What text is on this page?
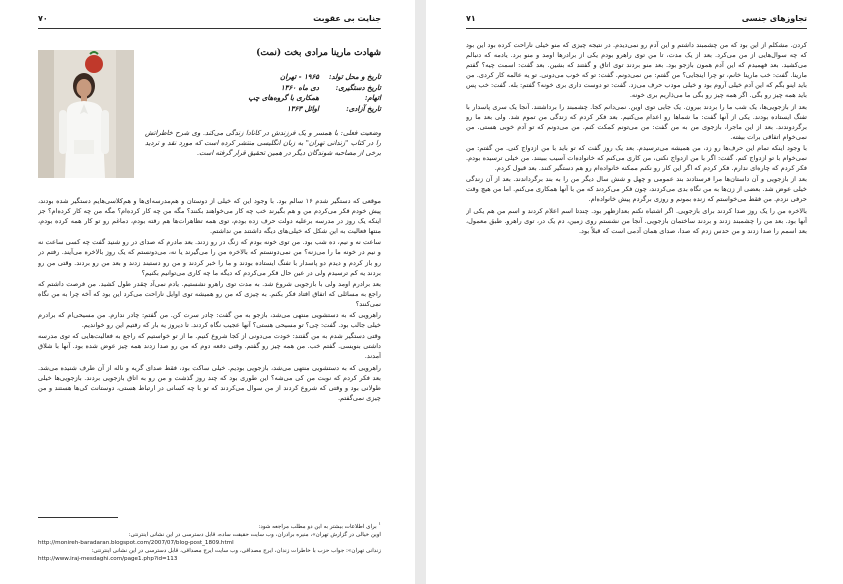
۷۰	جنایت بی عقوبت
شهادت مارینا مرادی بخت (نمت)
تاریخ و محل تولد:
۱۹۶۵ - تهران
تاریخ دستگیری:
دی ماه ۱۳۶۰
اتهام:
همکاری با گروه‌های چپ
تاریخ آزادی:
اوائل ۱۳۶۳
وضعیت فعلی: با همسر و یک فرزندش در کانادا زندگی می‌کند. وی شرح خاطراتش را در کتاب "زندانی تهران" به زبان انگلیسی منتشر کرده است که مورد نقد و تردید برخی از مصاحبه شوندگان دیگر در همین تحقیق قرار گرفته است.

موقعی که دستگیر شدم ۱۶ سالم بود. با وجود این که خیلی از دوستان و هم‌مدرسه‌ای‌ها و هم‌کلاسی‌هایم دستگیر شده بودند، پیش خودم فکر می‌کردم من و هم بگیرند خب چه کار می‌خواهند بکنند؟ مگه من چه کار کرده‌ام؟ مگه من چه کار کرده‌ام؟ جز اینکه یک روز در مدرسه برعلیه دولت حرف زده بودم، توی همه تظاهرات‌ها هم رفته بودم، دماغم رو تو کار همه کرده بودم، منتها فعالیت به این شکل که خیلی‌های دیگه داشتند من نداشتم.

ساعت نه و نیم، ده شب بود. من توی خونه بودم که زنگ در رو زدند. بعد مادرم که صدای در رو شنید گفت چه کسی ساعت نه و نیم در خونه ما را می‌زنه؟ من نمی‌دونستم که بالاخره من را می‌گیرند یا نه، می‌دونستم که یک روز بالاخره می‌آیند. رفتم در رو باز کردم و دیدم دو پاسدار با تفنگ ایستاده بودند و ما را خبر کردند و من رو دستبند زدند و بعد من رو بردند. وقتی من رو بردند یه کم ترسیدم ولی در عین حال فکر می‌کردم که دیگه ما چه کاری می‌توانیم بکنیم؟

بعد برادرم اومد ولی با بازجویی شروع شد. به مدت توی راهرو نشستیم. یادم نمی‌آد چقدر طول کشید. من فرصت داشتم که راجع به مسائلی که اتفاق افتاد فکر بکنم. به چیزی که من رو همیشه توی اوایل ناراحت می‌کرد این بود که آخه چرا به من نگاه نمی‌کنند؟

راهرویی که به دستشویی منتهی می‌شد، بازجو به من گفت: چادر سرت کن. من گفتم: چادر ندارم. من مسیحی‌ام که برادرم خیلی جالب بود. گفت: چی؟ تو مسیحی هستی؟ آنها عجیب نگاه کردند. تا دیروز یه بار که رفتیم این رو خواندیم.

وقتی دستگیر شدم به من گفتند: خودت می‌دونی از کجا شروع کنیم. ما از تو خواستیم که راجع به فعالیت‌هایی که توی مدرسه داشتی بنویسی. گفتم خب. من همه چیز رو گفتم. وقتی دفعه دوم که من رو صدا زدند همه چیز عوض شده بود. آنها با شلاق آمدند.

راهرویی که به دستشویی منتهی می‌شد، بازجویی بودیم. خیلی ساکت بود، فقط صدای گریه و ناله از آن طرف شنیده می‌شد. بعد فکر کردم که نوبت من کی می‌شه؟ این طوری بود که چند روز گذشت و من رو به اتاق بازجویی بردند. بازجویی‌ها خیلی طولانی بود و وقتی که شروع کردند از من سوال می‌کردند که تو با چه کسانی در ارتباط هستی، دوستانت کی‌ها هستند و من چیزی نمی‌گفتم.

$^۱$ برای اطلاعات بیشتر به این دو مطلب مراجعه شود:
اوین خیالی در گزارش تهران»، منیره برادران، وب سایت حقیقت ساده، قابل دسترسی در این نشانی اینترنتی:
http://monireh-baradaran.blogspot.com/2007/07/blog-post_1809.html
زندانی تهران»: جواب حزب با خاطرات زندان، ایرج مصداقی، وب سایت ایرج مصداقی، قابل دسترسی در این نشانی اینترنتی:
http://www.iraj-mesdaghi.com/page1.php?id=113
۷۱	تجاوزهای جنسی

کردن. مشکلم از این بود که من چشمبند داشتم و این آدم رو نمی‌دیدم. در نتیجه چیزی که منو خیلی ناراحت کرده بود این بود که چه سوال‌هایی از من می‌کرد. بعد از یک مدت، تا من توی راهرو بودم یکی از برادرها اومد و منو برد. یادمه که دنبالم می‌کشید. بعد فهمیدم که این آدم همون بازجو بود. بعد منو بردند توی اتاق و گفتند که بشین. بعد گفت: اسمت چیه؟ گفتم مارینا. گفت: خب مارینا خانم، تو چرا اینجایی؟ من گفتم: من نمی‌دونم. گفت: تو که خوب می‌دونی. تو یه عالمه کار کردی. من باید اینو بگم که این آدم خیلی آروم بود و خیلی مودب حرف می‌زد. گفت: تو دوست داری بری خونه؟ گفتم: بله. گفت: خب پس باید همه چیز رو بگی. اگر همه چیز رو بگی ما می‌ذاریم بری خونه.

بعد از بازجویی‌ها، یک شب ما را بردند بیرون. یک جایی توی اوین. نمی‌دانم کجا. چشمبند را برداشتند. آنجا یک سری پاسدار با تفنگ ایستاده بودند. یکی از آنها گفت: ما شماها رو اعدام می‌کنیم. بعد فکر کردم که زندگی من تموم شد. ولی بعد ما رو برگردوندند. بعد از این ماجرا، بازجوی من به من گفت: من می‌تونم کمکت کنم. من می‌دونم که تو آدم خوبی هستی. من نمی‌خوام اتفاقی برات بیفته.

با وجود اینکه تمام این حرف‌ها رو زد، من همیشه می‌ترسیدم. بعد یک روز گفت که تو باید با من ازدواج کنی. من گفتم: من نمی‌خوام با تو ازدواج کنم. گفت: اگر با من ازدواج نکنی، من کاری می‌کنم که خانواده‌ات آسیب ببینند. من خیلی ترسیده بودم. فکر کردم که چاره‌ای ندارم. فکر کردم که اگر این کار رو نکنم ممکنه خانواده‌ام رو هم دستگیر کنند. بعد قبول کردم.

بعد از بازجویی و آن داستان‌ها مرا فرستادند بند عمومی و چهل و شش سال دیگر من را به بند برگرداندند. بعد از آن زندگی خیلی عوض شد. بعضی از زن‌ها به من نگاه بدی می‌کردند، چون فکر می‌کردند که من با آنها همکاری می‌کنم. اما من هیچ وقت حرفی نزدم. من فقط می‌خواستم که زنده بمونم و روزی برگردم پیش خانواده‌ام.

بالاخره من را یک روز صدا کردند برای بازجویی. اگر اشتباه نکنم بعدازظهر بود. چندتا اسم اعلام کردند و اسم من هم یکی از آنها بود. بعد من را چشمبند زدند و بردند ساختمان بازجویی. آنجا من نشستم روی زمین، دم یک در، توی راهرو. طبق معمول، بعد اسمم را صدا زدند و من حدس زدم که صدا، صدای همان آدمی است که قبلاً بود.
